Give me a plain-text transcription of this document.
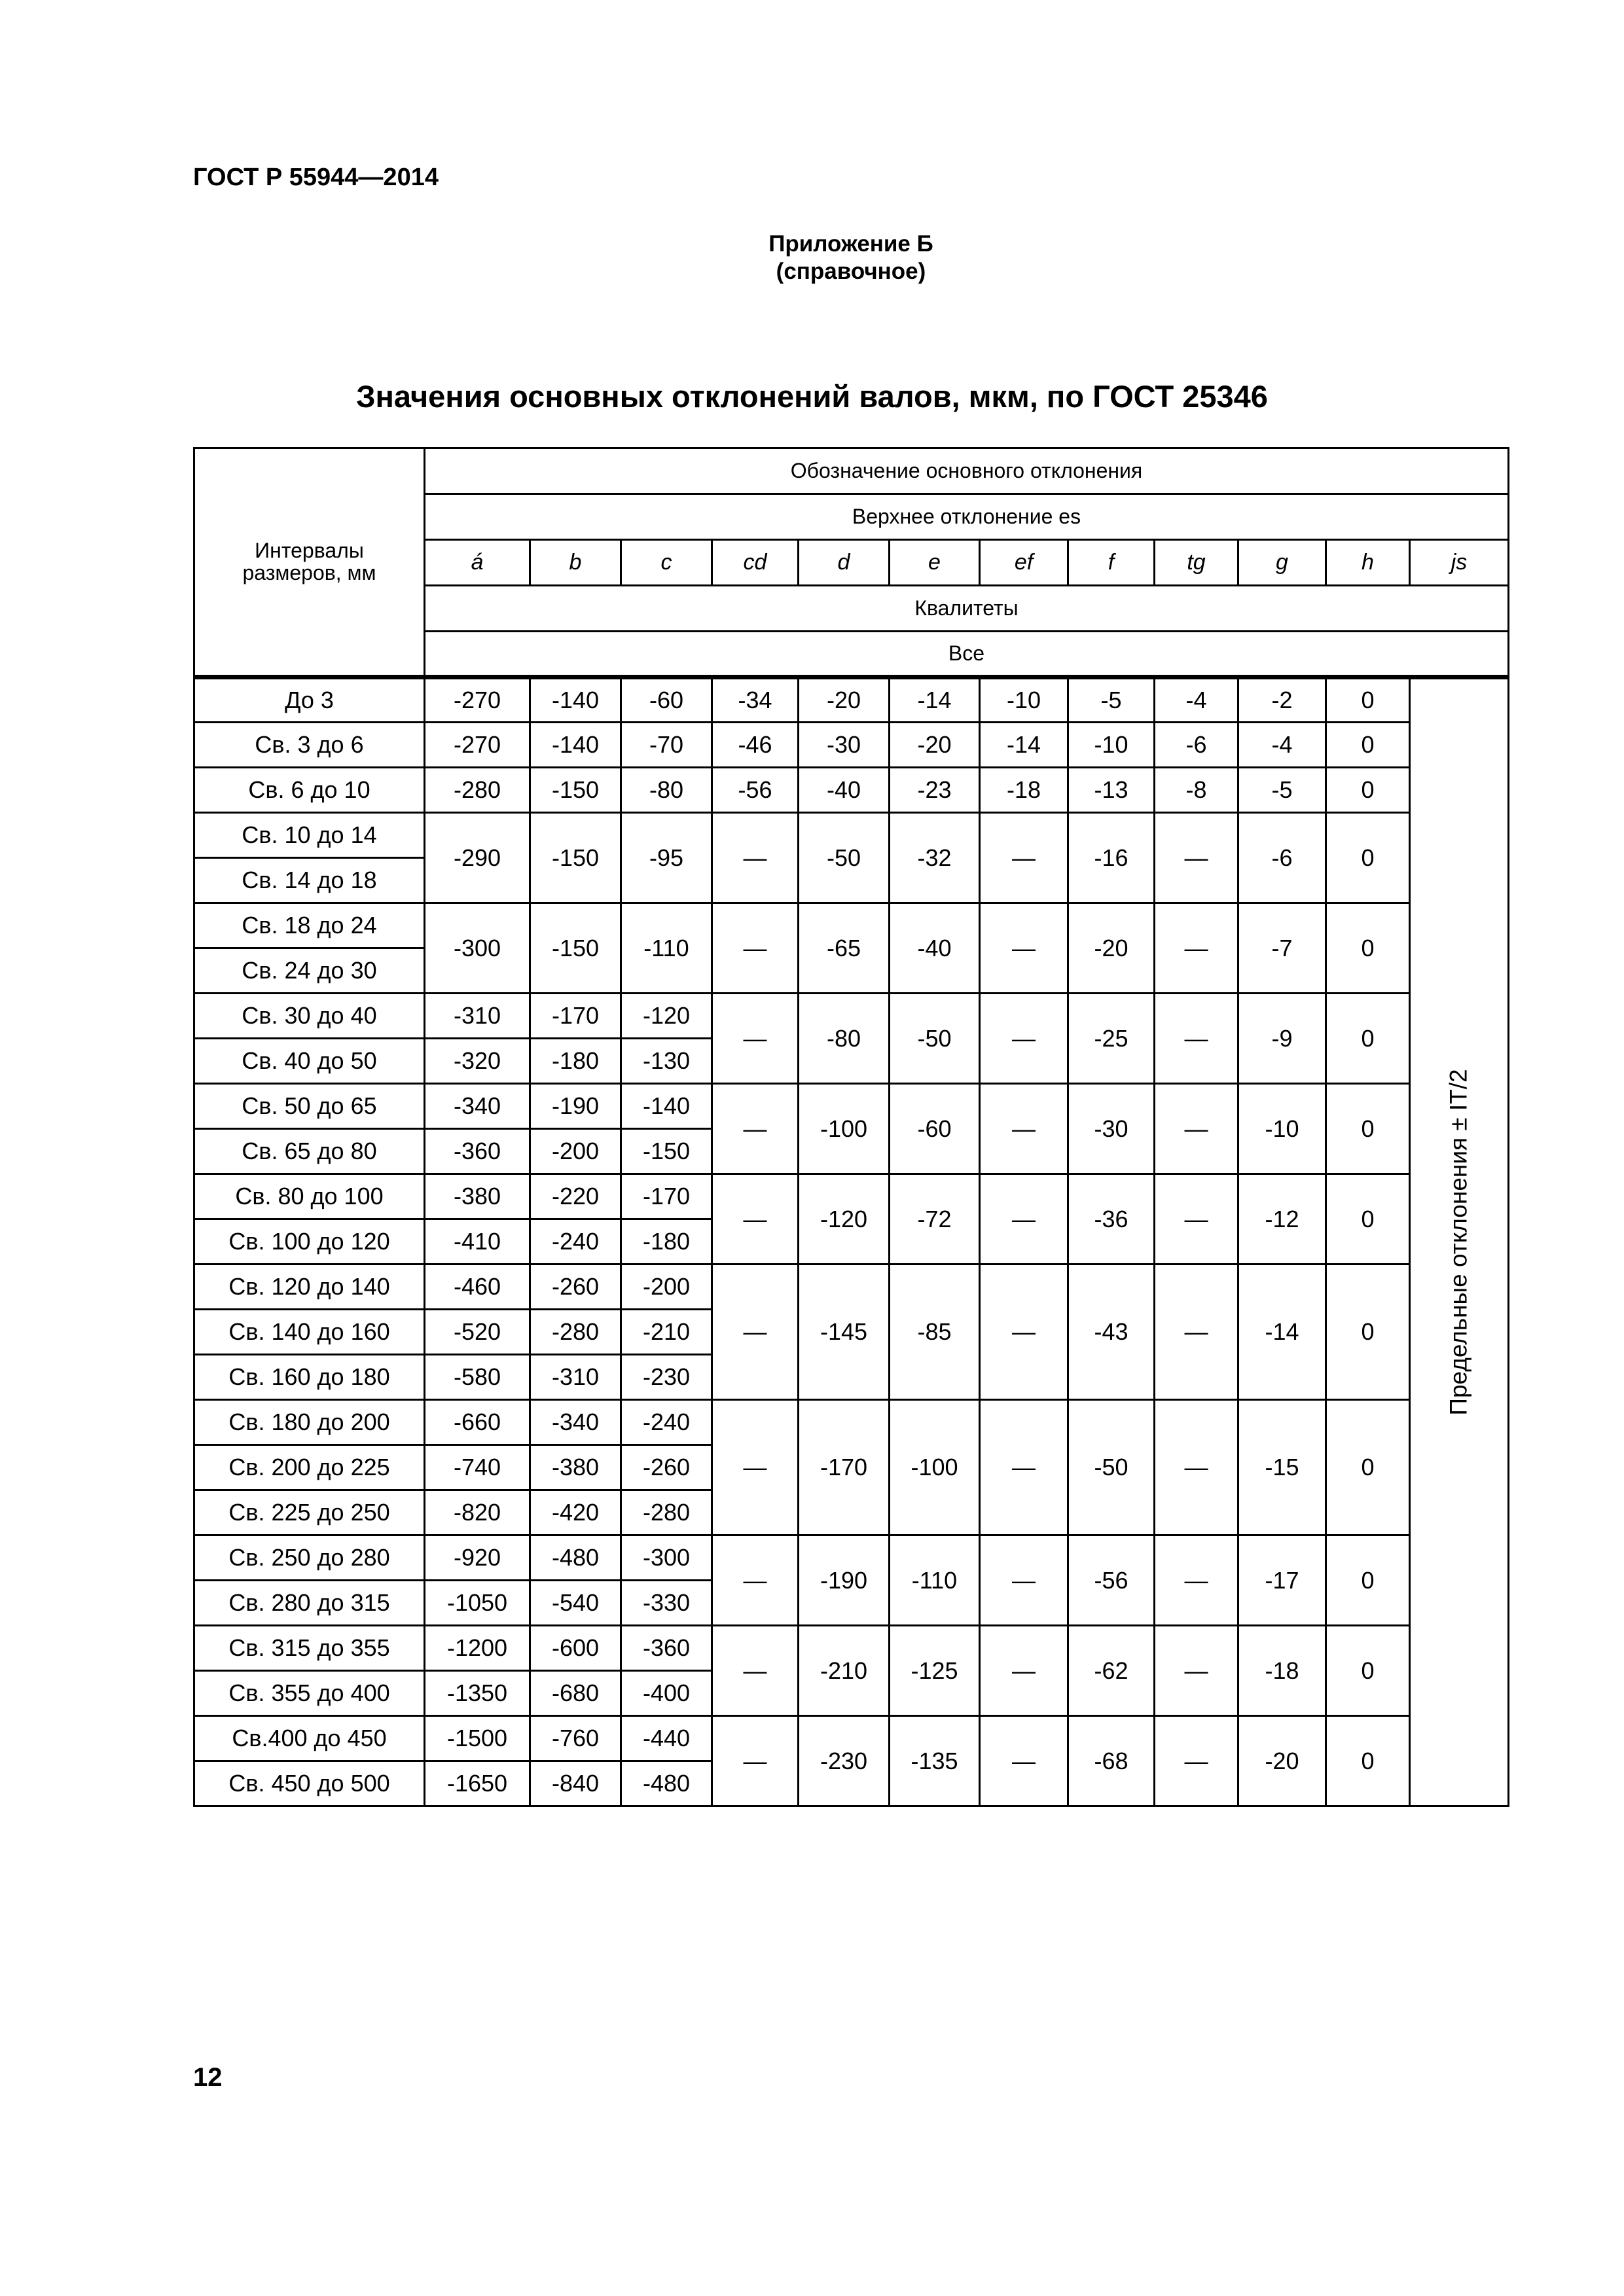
ГОСТ Р 55944—2014
Приложение Б
(справочное)
Значения основных отклонений валов, мкм, по ГОСТ 25346
Интервалы
размеров, мм	Обозначение основного отклонения											
	Верхнее отклонение es											
	á	b	c	cd	d	e	ef	f	tg	g	h	js
	Квалитеты											
	Все											
До 3	-270	-140	-60	-34	-20	-14	-10	-5	-4	-2	0	Предельные отклонения ± IT/2

Св. 3 до 6	-270	-140	-70	-46	-30	-20	-14	-10	-6	-4	0	
Св. 6 до 10	-280	-150	-80	-56	-40	-23	-18	-13	-8	-5	0	
Св. 10 до 14	-290	-150	-95	—	-50	-32	—	-16	—	-6	0	
Св. 14 до 18												
Св. 18 до 24	-300	-150	-110	—	-65	-40	—	-20	—	-7	0	
Св. 24 до 30												
Св. 30 до 40	-310	-170	-120	—	-80	-50	—	-25	—	-9	0	
Св. 40 до 50	-320	-180	-130									
Св. 50 до 65	-340	-190	-140	—	-100	-60	—	-30	—	-10	0	
Св. 65 до 80	-360	-200	-150									
Св. 80 до 100	-380	-220	-170	—	-120	-72	—	-36	—	-12	0	
Св. 100 до 120	-410	-240	-180									
Св. 120 до 140	-460	-260	-200	—	-145	-85	—	-43	—	-14	0	
Св. 140 до 160	-520	-280	-210									
Св. 160 до 180	-580	-310	-230									
Св. 180 до 200	-660	-340	-240	—	-170	-100	—	-50	—	-15	0	
Св. 200 до 225	-740	-380	-260									
Св. 225 до 250	-820	-420	-280									
Св. 250 до 280	-920	-480	-300	—	-190	-110	—	-56	—	-17	0	
Св. 280 до 315	-1050	-540	-330									
Св. 315 до 355	-1200	-600	-360	—	-210	-125	—	-62	—	-18	0	
Св. 355 до 400	-1350	-680	-400									
Св.400 до 450	-1500	-760	-440	—	-230	-135	—	-68	—	-20	0	
Св. 450 до 500	-1650	-840	-480									
12
